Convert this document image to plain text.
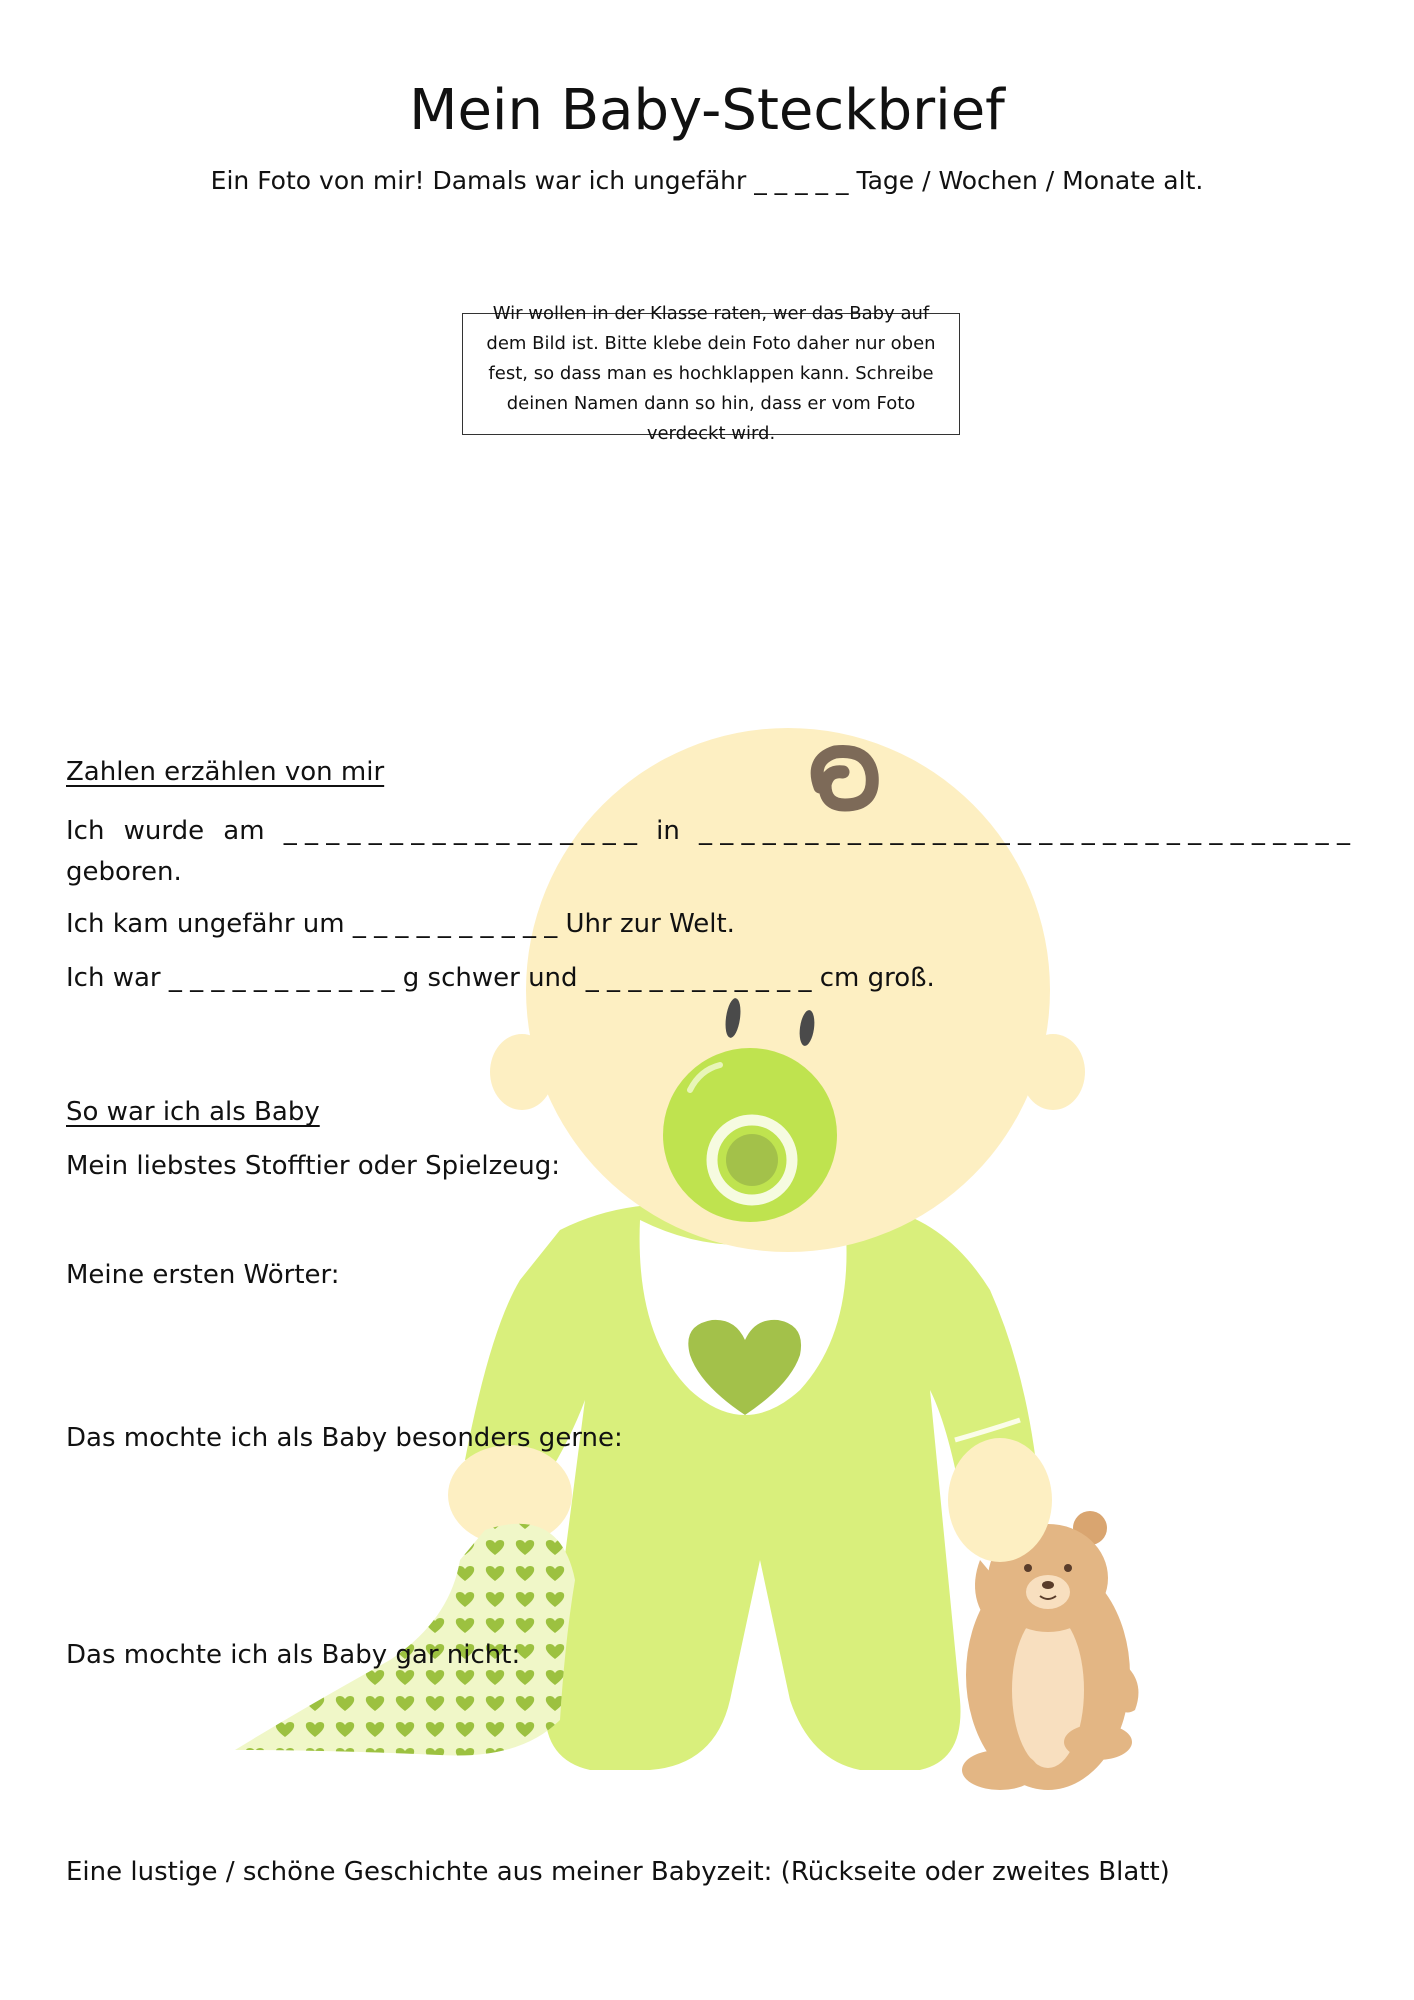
Mein Baby-Steckbrief
Ein Foto von mir! Damals war ich ungefähr _ _ _ _ _ Tage / Wochen / Monate alt.
Wir wollen in der Klasse raten, wer das Baby auf dem Bild ist. Bitte klebe dein Foto daher nur oben fest, so dass man es hochklappen kann. Schreibe deinen Namen dann so hin, dass er vom Foto verdeckt wird.
Zahlen erzählen von mir
Ich wurde am _ _ _ _ _ _ _ _ _ _ _ _ _ _ _ _ _ in _ _ _ _ _ _ _ _ _ _ _ _ _ _ _ _ _ _ _ _ _ _ _ _ _ _ _ _ _ _ _
geboren.
Ich kam ungefähr um _ _ _ _ _ _ _ _ _ _ Uhr zur Welt.
Ich war _ _ _ _ _ _ _ _ _ _ _ g schwer und _ _ _ _ _ _ _ _ _ _ _ cm groß.
So war ich als Baby
Mein liebstes Stofftier oder Spielzeug:
Meine ersten Wörter:
Das mochte ich als Baby besonders gerne:
Das mochte ich als Baby gar nicht:
Eine lustige / schöne Geschichte aus meiner Babyzeit: (Rückseite oder zweites Blatt)
